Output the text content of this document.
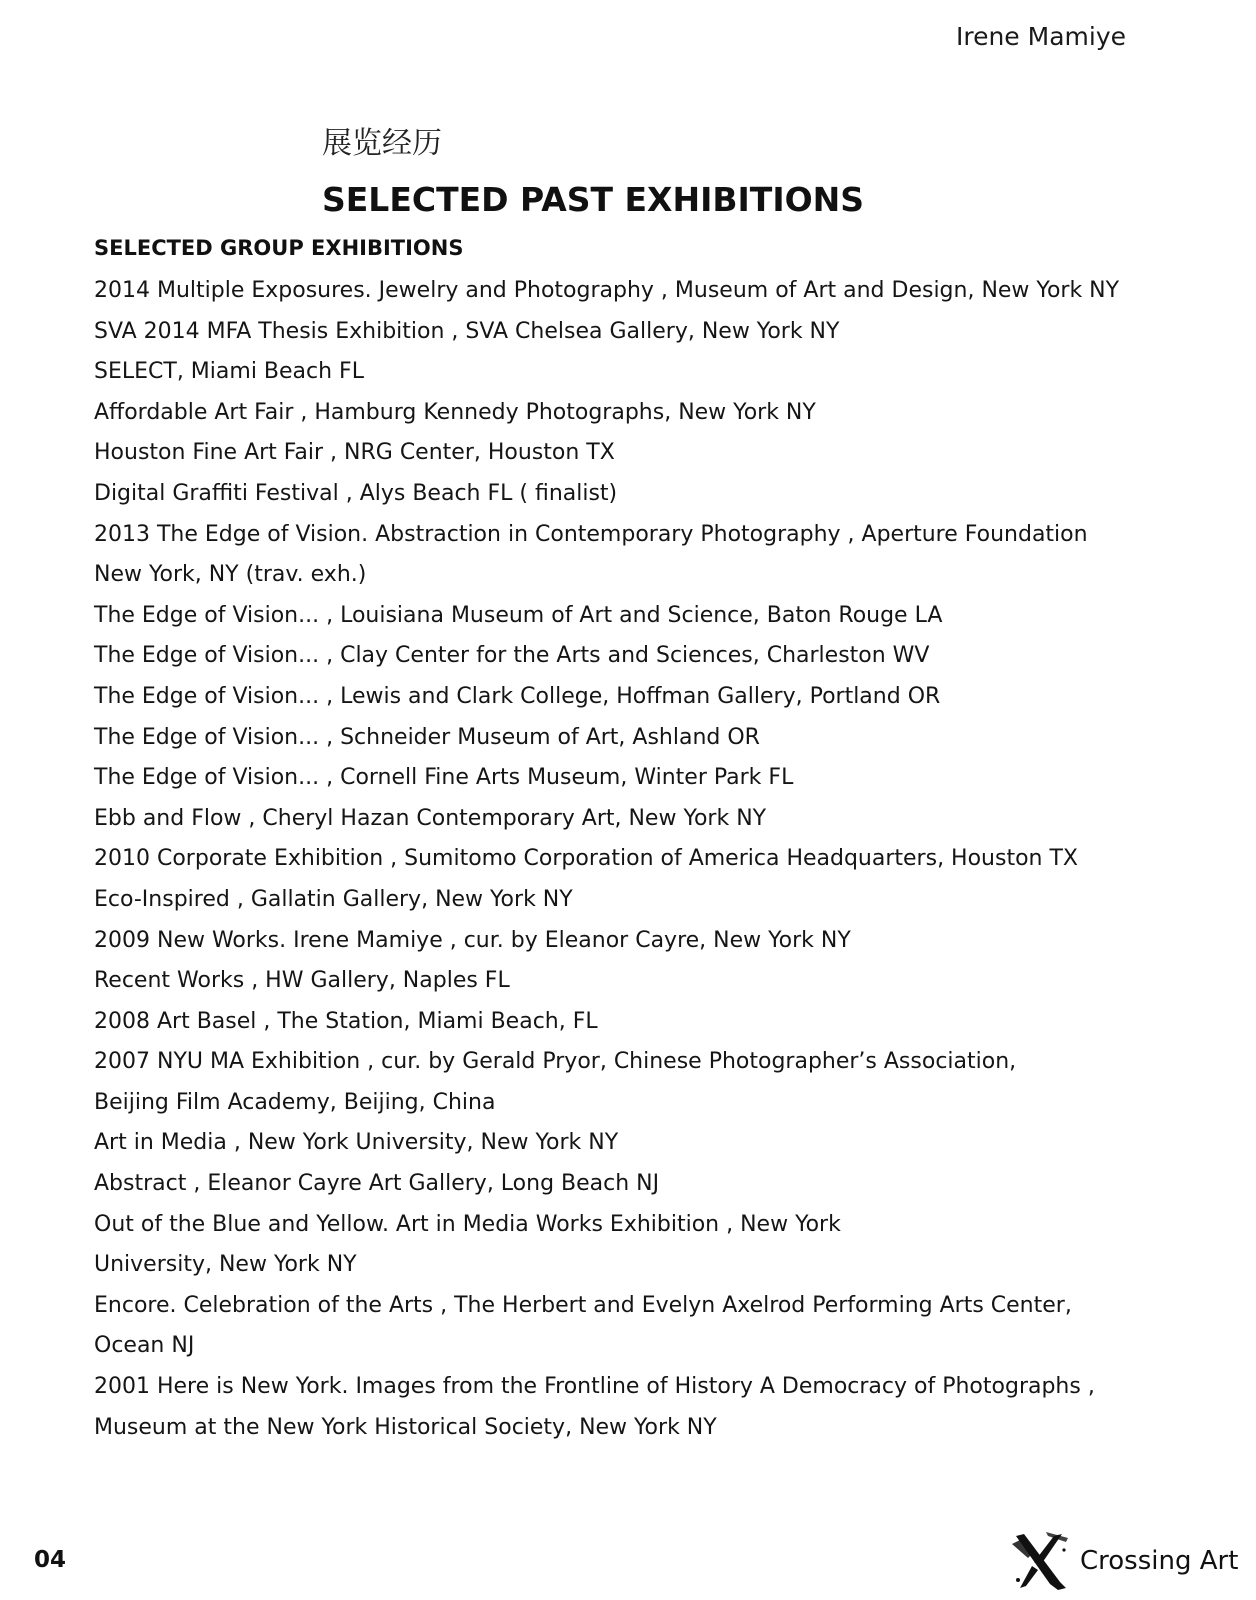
Irene Mamiye
展览经历
SELECTED PAST EXHIBITIONS
SELECTED GROUP EXHIBITIONS
2014 Multiple Exposures. Jewelry and Photography , Museum of Art and Design, New York NY
SVA 2014 MFA Thesis Exhibition , SVA Chelsea Gallery, New York NY
SELECT, Miami Beach FL
Affordable Art Fair , Hamburg Kennedy Photographs, New York NY
Houston Fine Art Fair , NRG Center, Houston TX
Digital Graffiti Festival , Alys Beach FL ( finalist)
2013 The Edge of Vision. Abstraction in Contemporary Photography , Aperture Foundation
New York, NY (trav. exh.)
The Edge of Vision... , Louisiana Museum of Art and Science, Baton Rouge LA
The Edge of Vision... , Clay Center for the Arts and Sciences, Charleston WV
The Edge of Vision... , Lewis and Clark College, Hoffman Gallery, Portland OR
The Edge of Vision... , Schneider Museum of Art, Ashland OR
The Edge of Vision... , Cornell Fine Arts Museum, Winter Park FL
Ebb and Flow , Cheryl Hazan Contemporary Art, New York NY
2010 Corporate Exhibition , Sumitomo Corporation of America Headquarters, Houston TX
Eco-Inspired , Gallatin Gallery, New York NY
2009 New Works. Irene Mamiye , cur. by Eleanor Cayre, New York NY
Recent Works , HW Gallery, Naples FL
2008 Art Basel , The Station, Miami Beach, FL
2007 NYU MA Exhibition , cur. by Gerald Pryor, Chinese Photographer’s Association,
Beijing Film Academy, Beijing, China
Art in Media , New York University, New York NY
Abstract , Eleanor Cayre Art Gallery, Long Beach NJ
Out of the Blue and Yellow. Art in Media Works Exhibition , New York
University, New York NY
Encore. Celebration of the Arts , The Herbert and Evelyn Axelrod Performing Arts Center,
Ocean NJ
2001 Here is New York. Images from the Frontline of History A Democracy of Photographs ,
Museum at the New York Historical Society, New York NY
04	Crossing Art
